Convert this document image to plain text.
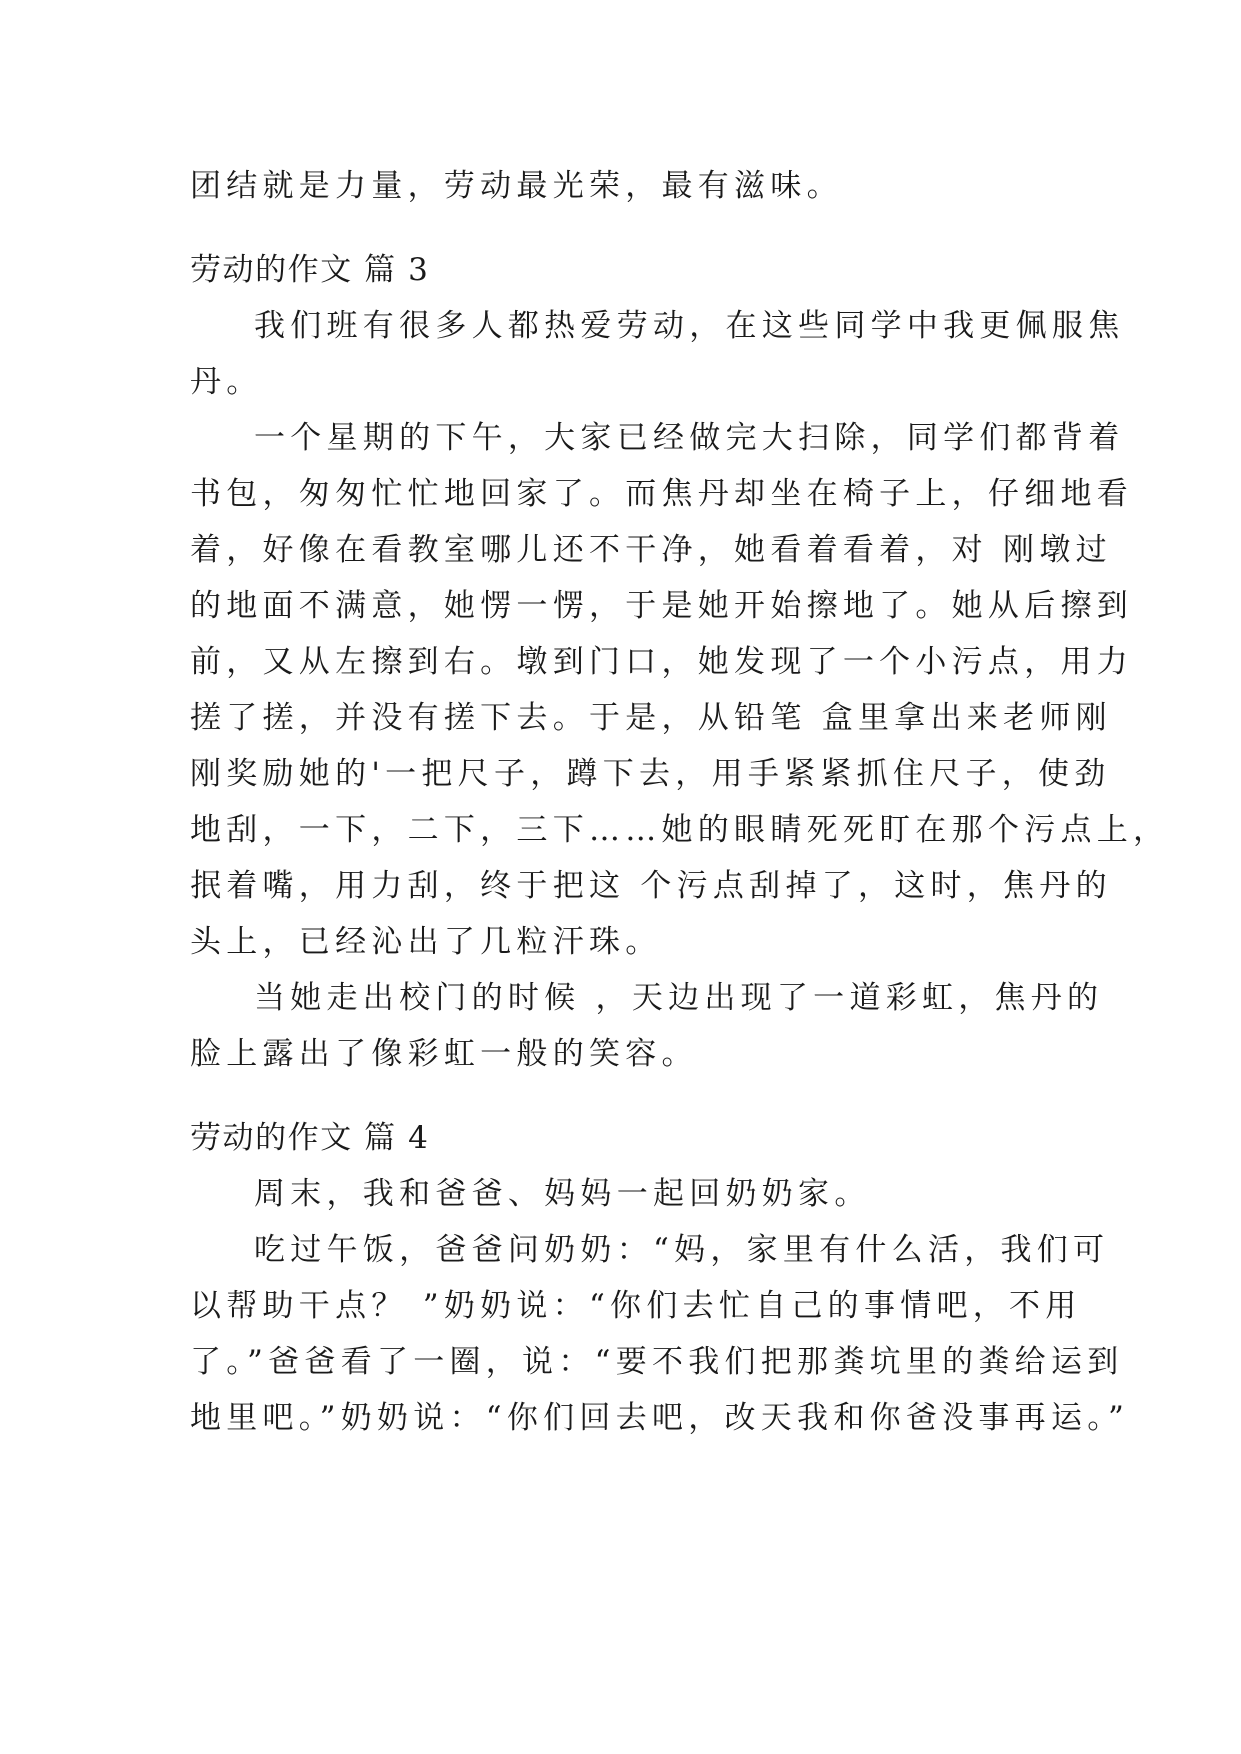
团结就是力量，劳动最光荣，最有滋味。
劳动的作文 篇 3
我们班有很多人都热爱劳动，在这些同学中我更佩服焦
丹。
一个星期的下午，大家已经做完大扫除，同学们都背着
书包，匆匆忙忙地回家了。而焦丹却坐在椅子上，仔细地看
着，好像在看教室哪儿还不干净，她看着看着，对 刚墩过
的地面不满意，她愣一愣，于是她开始擦地了。她从后擦到
前，又从左擦到右。墩到门口，她发现了一个小污点，用力
搓了搓，并没有搓下去。于是，从铅笔 盒里拿出来老师刚
刚奖励她的'一把尺子，蹲下去，用手紧紧抓住尺子，使劲
地刮，一下，二下，三下……她的眼睛死死盯在那个污点上，
抿着嘴，用力刮，终于把这 个污点刮掉了，这时，焦丹的
头上，已经沁出了几粒汗珠。
当她走出校门的时候 ，天边出现了一道彩虹，焦丹的
脸上露出了像彩虹一般的笑容。
劳动的作文 篇 4
周末，我和爸爸、妈妈一起回奶奶家。
吃过午饭，爸爸问奶奶：“妈，家里有什么活，我们可
以帮助干点？ ”奶奶说：“你们去忙自己的事情吧，不用
了。”爸爸看了一圈，说：“要不我们把那粪坑里的粪给运到
地里吧。”奶奶说：“你们回去吧，改天我和你爸没事再运。”
